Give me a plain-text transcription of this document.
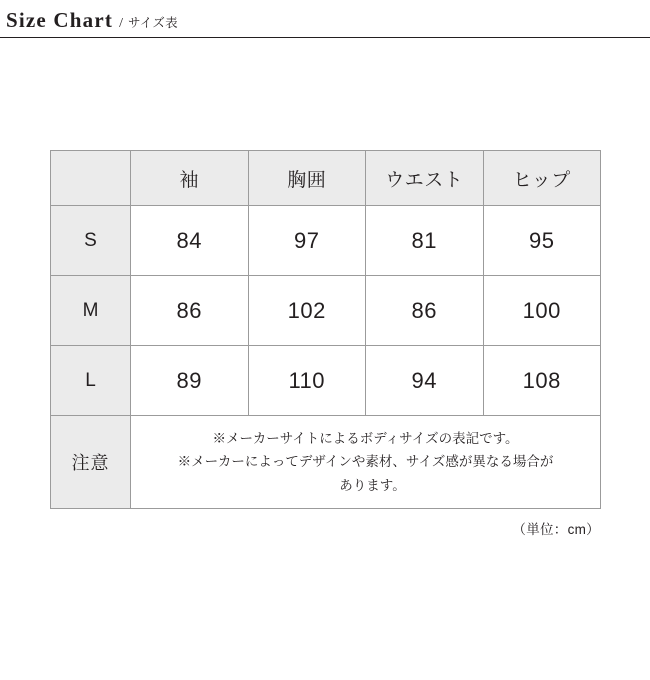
Size Chart / サイズ表
	袖	胸囲	ウエスト	ヒップ
S	84	97	81	95
M	86	102	86	100
L	89	110	94	108
注意	※メーカーサイトによるボディサイズの表記です。
※メーカーによってデザインや素材、サイズ感が異なる場合が
あります。			
（単位：cm）
